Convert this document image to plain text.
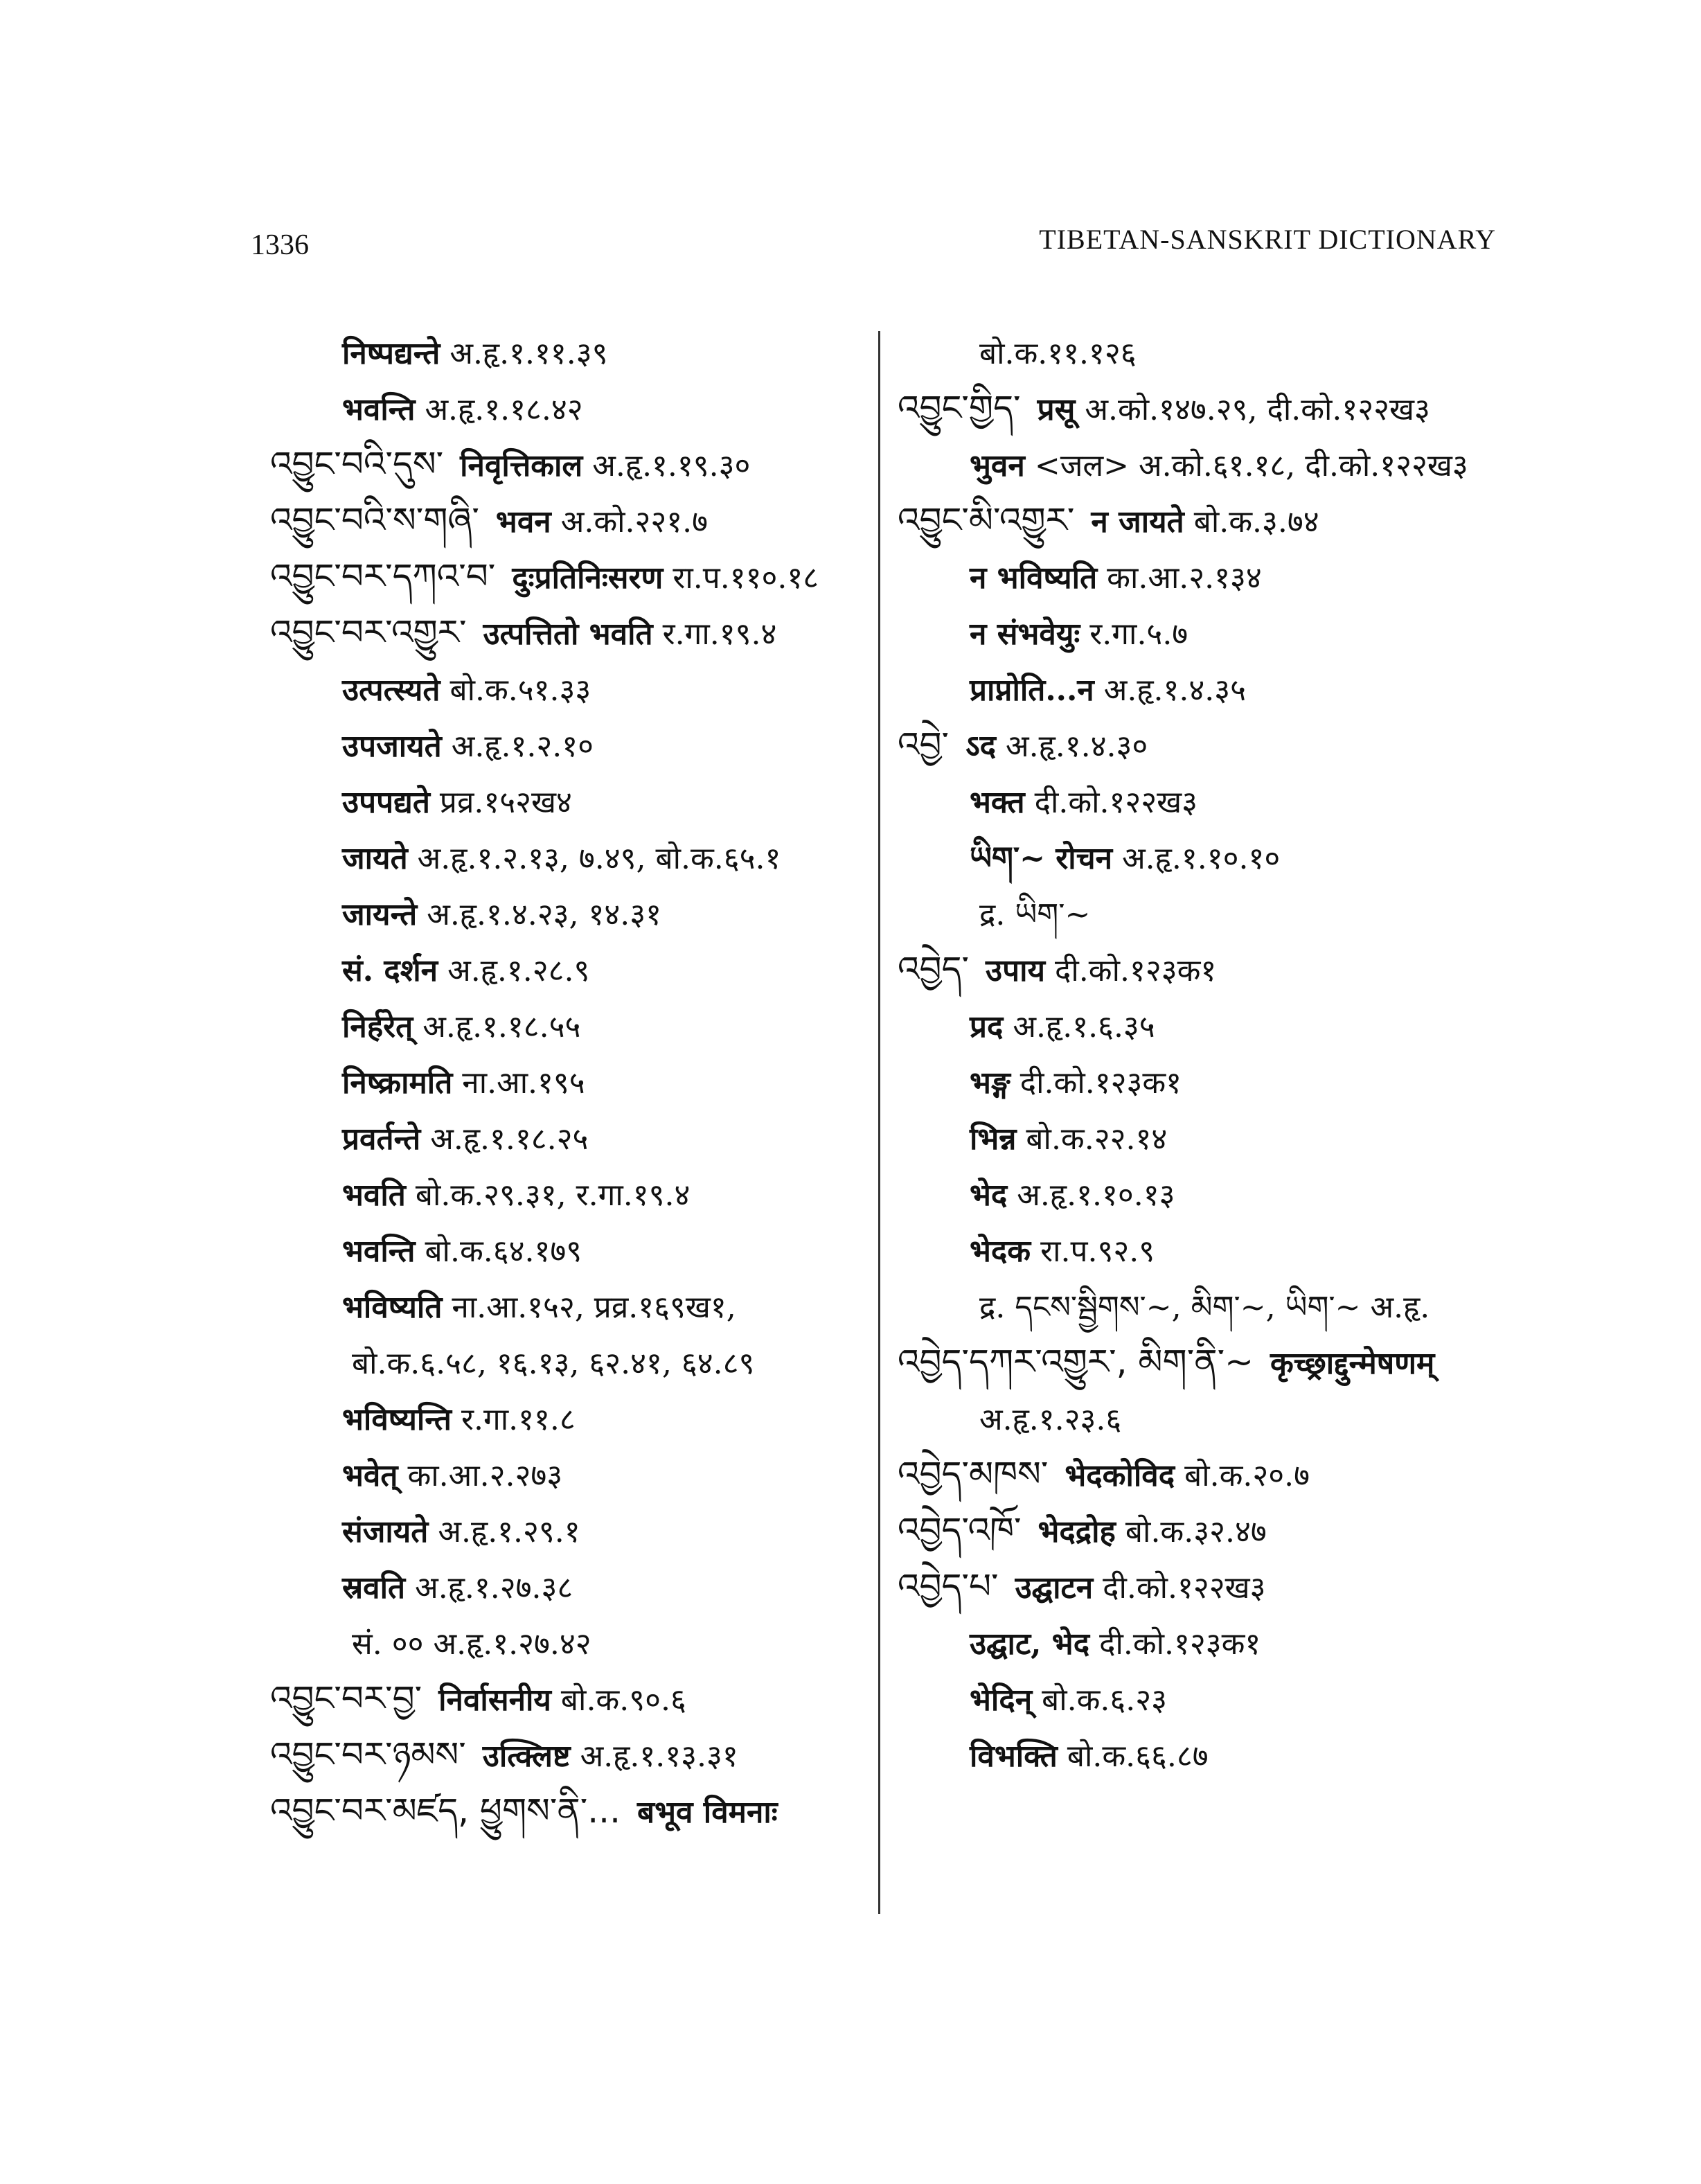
1336	TIBETAN-SANSKRIT DICTIONARY
निष्पद्यन्ते अ.हृ.१.११.३९
भवन्ति अ.हृ.१.१८.४२
འབྱུང་བའི་དུས་ निवृत्तिकाल अ.हृ.१.१९.३०
འབྱུང་བའི་ས་གཞི་ भवन अ.को.२२१.७
འབྱུང་བར་དཀའ་བ་ दुःप्रतिनिःसरण रा.प.११०.१८
འབྱུང་བར་འགྱུར་ उत्पत्तितो भवति र.गा.१९.४
उत्पत्स्यते बो.क.५१.३३
उपजायते अ.हृ.१.२.१०
उपपद्यते प्रव्र.१५२ख४
जायते अ.हृ.१.२.१३, ७.४९, बो.क.६५.१
जायन्ते अ.हृ.१.४.२३, १४.३१
सं. दर्शन अ.हृ.१.२८.९
निर्हरेत् अ.हृ.१.१८.५५
निष्क्रामति ना.आ.१९५
प्रवर्तन्ते अ.हृ.१.१८.२५
भवति बो.क.२९.३१, र.गा.१९.४
भवन्ति बो.क.६४.१७९
भविष्यति ना.आ.१५२, प्रव्र.१६९ख१,
बो.क.६.५८, १६.१३, ६२.४१, ६४.८९
भविष्यन्ति र.गा.११.८
भवेत् का.आ.२.२७३
संजायते अ.हृ.१.२९.१
स्रवति अ.हृ.१.२७.३८
सं. ०० अ.हृ.१.२७.४२
འབྱུང་བར་བྱ་ निर्वासनीय बो.क.९०.६
འབྱུང་བར་ཉམས་ उत्क्लिष्ट अ.हृ.१.१३.३१
འབྱུང་བར་མཛད, ཕྱུགས་ནི་... बभूव विमनाः
बो.क.११.१२६
འབྱུང་གྱིད་ प्रसू अ.को.१४७.२९, दी.को.१२२ख३
भुवन <जल> अ.को.६१.१८, दी.को.१२२ख३
འབྱུང་མི་འགྱུར་ न जायते बो.क.३.७४
न भविष्यति का.आ.२.१३४
न संभवेयुः र.गा.५.७
प्राप्नोति...न अ.हृ.१.४.३५
འབྱེ་ ऽद अ.हृ.१.४.३०
भक्त दी.को.१२२ख३
ཡིག་~ रोचन अ.हृ.१.१०.१०
द्र. ཡིག་~
འབྱེད་ उपाय दी.को.१२३क१
प्रद अ.हृ.१.६.३५
भङ्ग दी.को.१२३क१
भिन्न बो.क.२२.१४
भेद अ.हृ.१.१०.१३
भेदक रा.प.९२.९
द्र. དངས་སྦྱིགས་~, མིག་~, ཡིག་~ अ.हृ.
འབྱེད་དཀར་འགྱུར་, མིག་ནི་~ कृच्छ्राद्दुन्मेषणम्
अ.हृ.१.२३.६
འབྱེད་མཁས་ भेदकोविद बो.क.२०.७
འབྱེད་འཁོ་ भेदद्रोह बो.क.३२.४७
འབྱེད་པ་ उद्घाटन दी.को.१२२ख३
उद्घाट, भेद दी.को.१२३क१
भेदिन् बो.क.६.२३
विभक्ति बो.क.६६.८७
